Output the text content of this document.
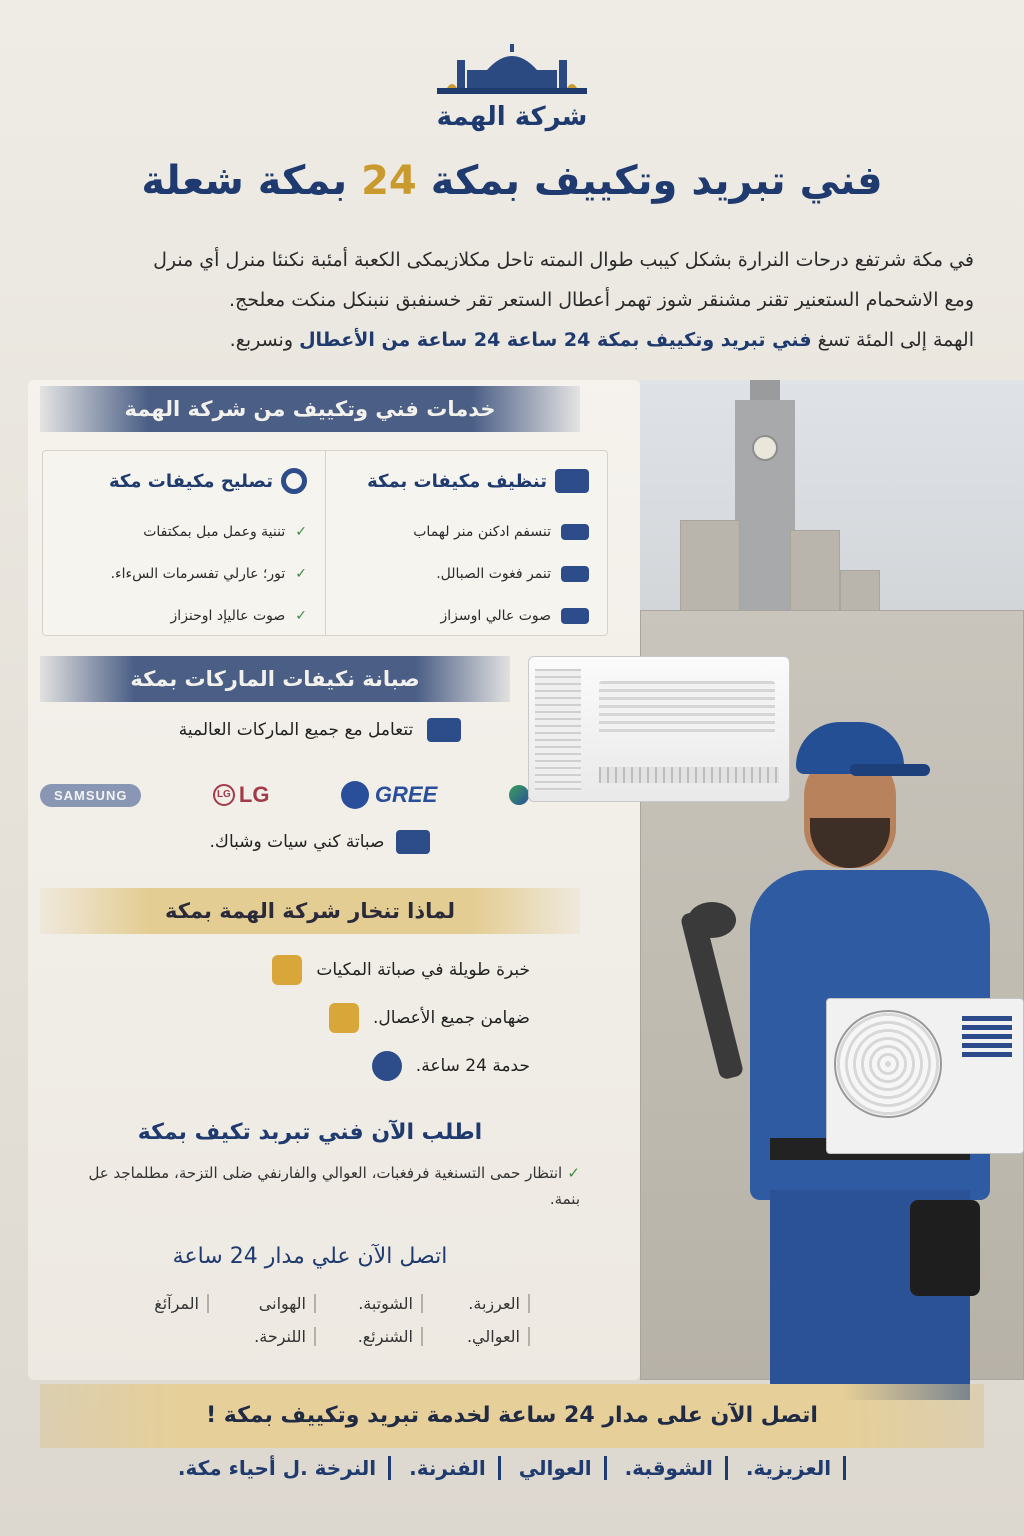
شركة الهمة
فني تبريد وتكييف بمكة 24 بمكة شعلة
في مكة شرتفع درحات النرارة بشكل كيبب طوال الىمته تاحل مكلازيمكى الكعبة أمئبة نكنئا منرل أي منرل
ومع الاشحمام الستعنير تقنر مشنقر شوز تهمر أعطال الستعر تقر خسنفبق ننبنكل منكت معلحج.
الهمة إلى المئة تسغ فني تبريد وتكييف بمكة 24 ساعة 24 ساعة من الأعطال ونسربع.
خدمات فني وتكييف من شركة الهمة
تنظيف مكيفات بمكة
تنسفم ادكنن منر لهماب
تنمر فغوت الصبالل.
صوت عالي اوسزاز
تصليح مكيفات مكة
✓
تننية وعمل مبل بمكتفات
✓
تور؛ عارلي تفسرمات السءاء.
✓
صوت عاليإد اوحنزاز
صبانة نكيفات الماركات بمكة
تتعامل مع جميع الماركات العالمية
SAMSUNG	LG LG	GREE
صباتة كني سيات وشباك.
لماذا تنخار شركة الهمة بمكة
خبرة طويلة في صباتة المكيات
ضهامن جميع الأعصال.
حدمة 24 ساعة.
اطلب الآن فني تبربد تكيف بمكة
✓ انتظار حمى التسنغية فرفغبات، العوالي والفارنفي ضلى التزحة، مطلماجد عل بنمة.
اتصل الآن علي مدار 24 ساعة
العرزبة.
الشوتبة.
الهوانى
المرآئغ
العوالي.
الشنرئع.
اللنرحة.
اتصل الآن على مدار 24 ساعة لخدمة تبريد وتكييف بمكة !
العزيزية.
الشوقبة.
العوالي
الفنرنة.
النرخة .ل أحياء مكة.
